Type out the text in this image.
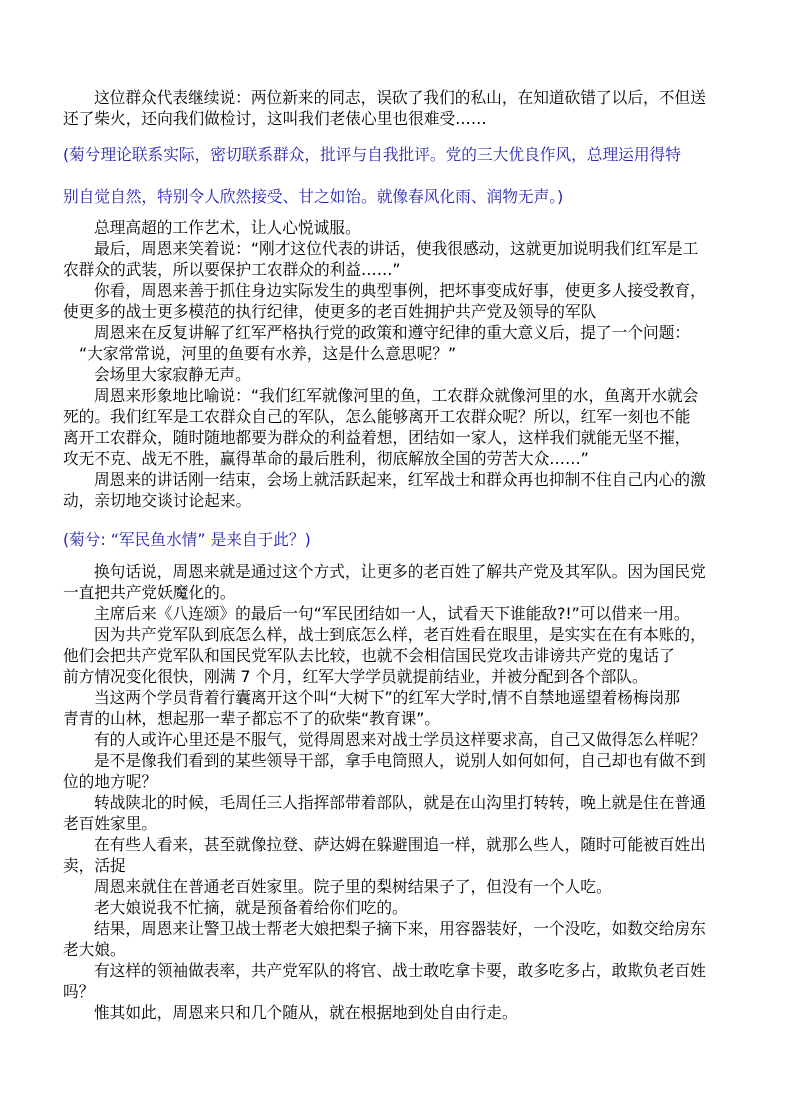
这位群众代表继续说：两位新来的同志，误砍了我们的私山，在知道砍错了以后，不但送
还了柴火，还向我们做检讨，这叫我们老俵心里也很难受……
(菊兮理论联系实际，密切联系群众，批评与自我批评。党的三大优良作风，总理运用得特
别自觉自然，特别令人欣然接受、甘之如饴。就像春风化雨、润物无声。)
总理高超的工作艺术，让人心悦诚服。
最后，周恩来笑着说：“刚才这位代表的讲话，使我很感动，这就更加说明我们红军是工
农群众的武装，所以要保护工农群众的利益……”
你看，周恩来善于抓住身边实际发生的典型事例，把坏事变成好事，使更多人接受教育，
使更多的战士更多模范的执行纪律，使更多的老百姓拥护共产党及领导的军队
周恩来在反复讲解了红军严格执行党的政策和遵守纪律的重大意义后，提了一个问题：
“大家常常说，河里的鱼要有水养，这是什么意思呢？”
会场里大家寂静无声。
周恩来形象地比喻说：“我们红军就像河里的鱼，工农群众就像河里的水，鱼离开水就会
死的。我们红军是工农群众自己的军队，怎么能够离开工农群众呢？所以，红军一刻也不能
离开工农群众，随时随地都要为群众的利益着想，团结如一家人，这样我们就能无坚不摧，
攻无不克、战无不胜，赢得革命的最后胜利，彻底解放全国的劳苦大众……”
周恩来的讲话刚一结束，会场上就活跃起来，红军战士和群众再也抑制不住自己内心的激
动，亲切地交谈讨论起来。
(菊兮: “军民鱼水情” 是来自于此？)
换句话说，周恩来就是通过这个方式，让更多的老百姓了解共产党及其军队。因为国民党
一直把共产党妖魔化的。
主席后来《八连颂》的最后一句“军民团结如一人，试看天下谁能敌?!”可以借来一用。
因为共产党军队到底怎么样，战士到底怎么样，老百姓看在眼里，是实实在在有本账的，
他们会把共产党军队和国民党军队去比较，也就不会相信国民党攻击诽谤共产党的鬼话了
前方情况变化很快，刚满 7 个月，红军大学学员就提前结业，并被分配到各个部队。
当这两个学员背着行囊离开这个叫“大树下”的红军大学时,情不自禁地遥望着杨梅岗那
青青的山林，想起那一辈子都忘不了的砍柴“教育课”。
有的人或许心里还是不服气，觉得周恩来对战士学员这样要求高，自己又做得怎么样呢？
是不是像我们看到的某些领导干部，拿手电筒照人，说别人如何如何，自己却也有做不到
位的地方呢？
转战陕北的时候，毛周任三人指挥部带着部队，就是在山沟里打转转，晚上就是住在普通
老百姓家里。
在有些人看来，甚至就像拉登、萨达姆在躲避围追一样，就那么些人，随时可能被百姓出
卖，活捉
周恩来就住在普通老百姓家里。院子里的梨树结果子了，但没有一个人吃。
老大娘说我不忙摘，就是预备着给你们吃的。
结果，周恩来让警卫战士帮老大娘把梨子摘下来，用容器装好，一个没吃，如数交给房东
老大娘。
有这样的领袖做表率，共产党军队的将官、战士敢吃拿卡要，敢多吃多占，敢欺负老百姓
吗？
惟其如此，周恩来只和几个随从，就在根据地到处自由行走。
